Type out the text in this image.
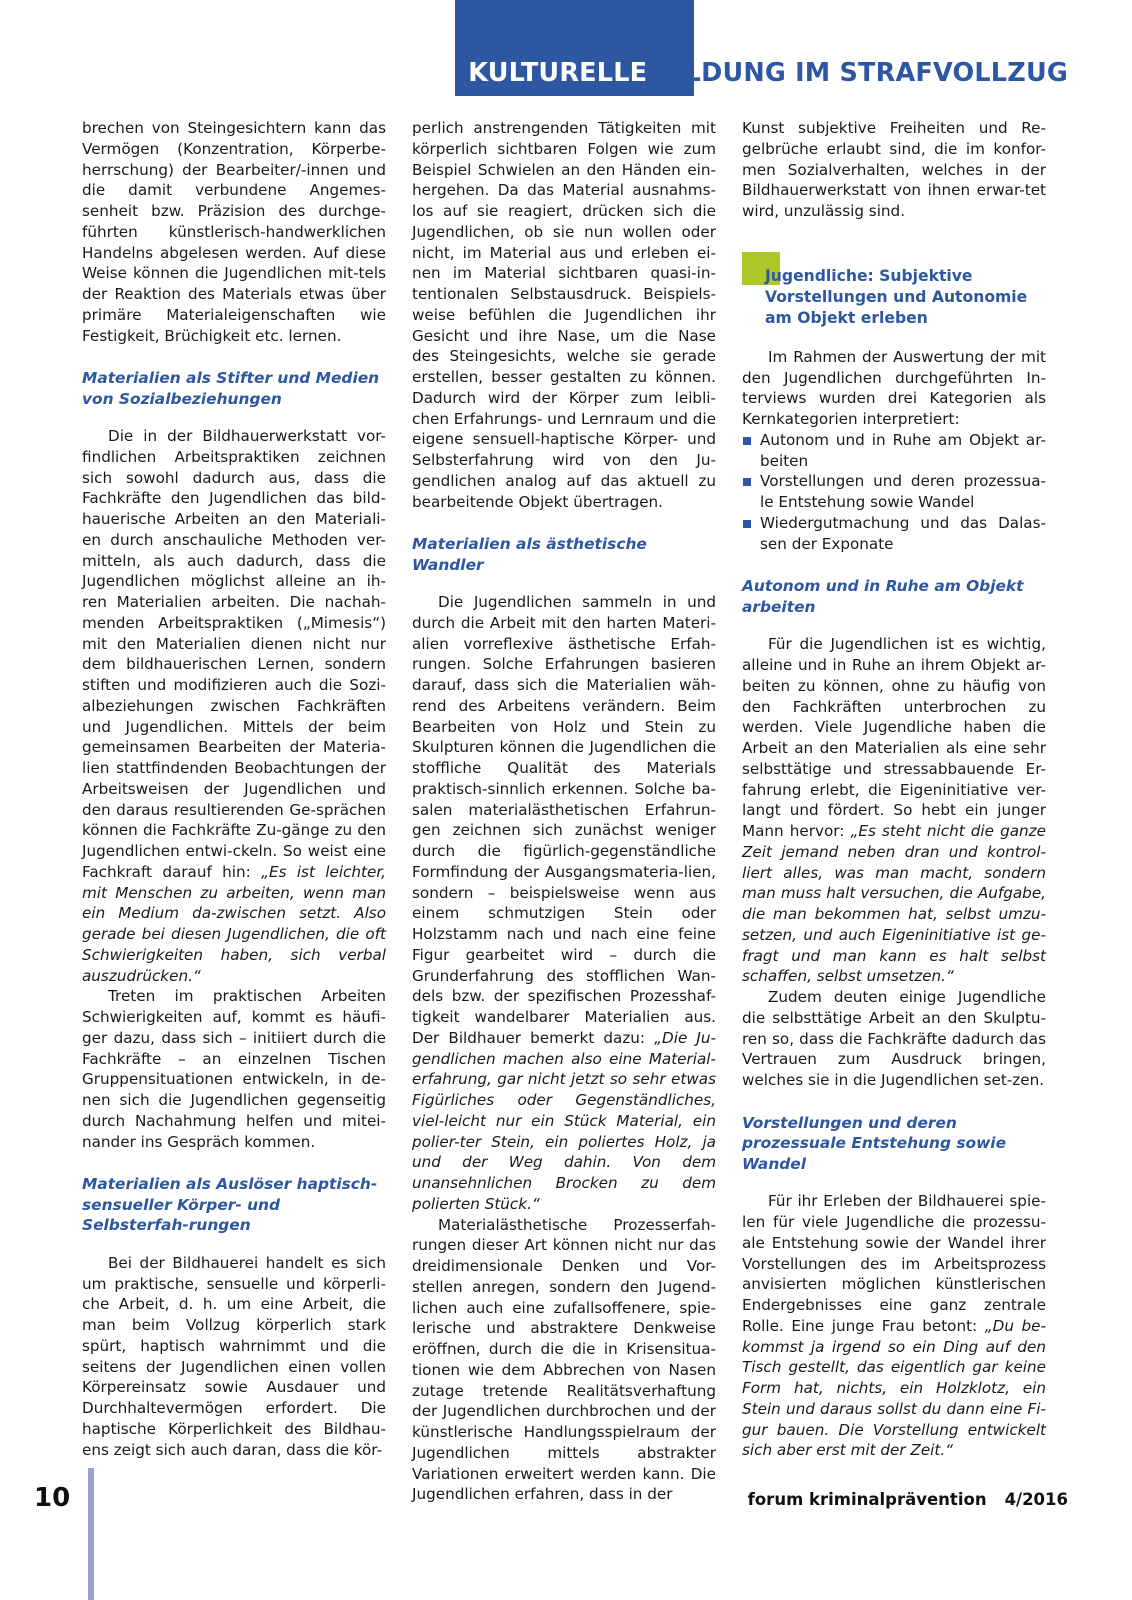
KULTURELLE BILDUNG IM STRAFVOLLZUG

brechen von Steingesichtern kann das Vermögen (Konzentration, Körperbe-herrschung) der Bearbeiter/-innen und die damit verbundene Angemes-senheit bzw. Präzision des durchge-führten künstlerisch-handwerklichen Handelns abgelesen werden. Auf diese Weise können die Jugendlichen mit-tels der Reaktion des Materials etwas über primäre Materialeigenschaften wie Festigkeit, Brüchigkeit etc. lernen.

Materialien als Stifter und Medien von Sozialbeziehungen

Die in der Bildhauerwerkstatt vor-findlichen Arbeitspraktiken zeichnen sich sowohl dadurch aus, dass die Fachkräfte den Jugendlichen das bild-hauerische Arbeiten an den Materiali-en durch anschauliche Methoden ver-mitteln, als auch dadurch, dass die Jugendlichen möglichst alleine an ih-ren Materialien arbeiten. Die nachah-menden Arbeitspraktiken („Mimesis“) mit den Materialien dienen nicht nur dem bildhauerischen Lernen, sondern stiften und modifizieren auch die Sozi-albeziehungen zwischen Fachkräften und Jugendlichen. Mittels der beim gemeinsamen Bearbeiten der Materia-lien stattfindenden Beobachtungen der Arbeitsweisen der Jugendlichen und den daraus resultierenden Ge-sprächen können die Fachkräfte Zu-gänge zu den Jugendlichen entwi-ckeln. So weist eine Fachkraft darauf hin: „Es ist leichter, mit Menschen zu arbeiten, wenn man ein Medium da-zwischen setzt. Also gerade bei diesen Jugendlichen, die oft Schwierigkeiten haben, sich verbal auszudrücken.“

Treten im praktischen Arbeiten Schwierigkeiten auf, kommt es häufi-ger dazu, dass sich – initiiert durch die Fachkräfte – an einzelnen Tischen Gruppensituationen entwickeln, in de-nen sich die Jugendlichen gegenseitig durch Nachahmung helfen und mitei-nander ins Gespräch kommen.

Materialien als Auslöser haptisch-sensueller Körper- und Selbsterfah-rungen

Bei der Bildhauerei handelt es sich um praktische, sensuelle und körperli-che Arbeit, d. h. um eine Arbeit, die man beim Vollzug körperlich stark spürt, haptisch wahrnimmt und die seitens der Jugendlichen einen vollen Körpereinsatz sowie Ausdauer und Durchhaltevermögen erfordert. Die haptische Körperlichkeit des Bildhau-ens zeigt sich auch daran, dass die kör-

perlich anstrengenden Tätigkeiten mit körperlich sichtbaren Folgen wie zum Beispiel Schwielen an den Händen ein-hergehen. Da das Material ausnahms-los auf sie reagiert, drücken sich die Jugendlichen, ob sie nun wollen oder nicht, im Material aus und erleben ei-nen im Material sichtbaren quasi-in-tentionalen Selbstausdruck. Beispiels-weise befühlen die Jugendlichen ihr Gesicht und ihre Nase, um die Nase des Steingesichts, welche sie gerade erstellen, besser gestalten zu können. Dadurch wird der Körper zum leibli-chen Erfahrungs- und Lernraum und die eigene sensuell-haptische Körper- und Selbsterfahrung wird von den Ju-gendlichen analog auf das aktuell zu bearbeitende Objekt übertragen.

Materialien als ästhetische Wandler

Die Jugendlichen sammeln in und durch die Arbeit mit den harten Materi-alien vorreflexive ästhetische Erfah-rungen. Solche Erfahrungen basieren darauf, dass sich die Materialien wäh-rend des Arbeitens verändern. Beim Bearbeiten von Holz und Stein zu Skulpturen können die Jugendlichen die stoffliche Qualität des Materials praktisch-sinnlich erkennen. Solche ba-salen materialästhetischen Erfahrun-gen zeichnen sich zunächst weniger durch die figürlich-gegenständliche Formfindung der Ausgangsmateria-lien, sondern – beispielsweise wenn aus einem schmutzigen Stein oder Holzstamm nach und nach eine feine Figur gearbeitet wird – durch die Grunderfahrung des stofflichen Wan-dels bzw. der spezifischen Prozesshaf-tigkeit wandelbarer Materialien aus. Der Bildhauer bemerkt dazu: „Die Ju-gendlichen machen also eine Material-erfahrung, gar nicht jetzt so sehr etwas Figürliches oder Gegenständliches, viel-leicht nur ein Stück Material, ein polier-ter Stein, ein poliertes Holz, ja und der Weg dahin. Von dem unansehnlichen Brocken zu dem polierten Stück.“

Materialästhetische Prozesserfah-rungen dieser Art können nicht nur das dreidimensionale Denken und Vor-stellen anregen, sondern den Jugend-lichen auch eine zufallsoffenere, spie-lerische und abstraktere Denkweise eröffnen, durch die die in Krisensitua-tionen wie dem Abbrechen von Nasen zutage tretende Realitätsverhaftung der Jugendlichen durchbrochen und der künstlerische Handlungsspielraum der Jugendlichen mittels abstrakter Variationen erweitert werden kann. Die Jugendlichen erfahren, dass in der

Kunst subjektive Freiheiten und Re-gelbrüche erlaubt sind, die im konfor-men Sozialverhalten, welches in der Bildhauerwerkstatt von ihnen erwar-tet wird, unzulässig sind.

Jugendliche: Subjektive Vorstellungen und Autonomie am Objekt erleben

Im Rahmen der Auswertung der mit den Jugendlichen durchgeführten In-terviews wurden drei Kategorien als Kernkategorien interpretiert:

Autonom und in Ruhe am Objekt ar-beiten
Vorstellungen und deren prozessua-le Entstehung sowie Wandel
Wiedergutmachung und das Dalas-sen der Exponate
Autonom und in Ruhe am Objekt arbeiten

Für die Jugendlichen ist es wichtig, alleine und in Ruhe an ihrem Objekt ar-beiten zu können, ohne zu häufig von den Fachkräften unterbrochen zu werden. Viele Jugendliche haben die Arbeit an den Materialien als eine sehr selbsttätige und stressabbauende Er-fahrung erlebt, die Eigeninitiative ver-langt und fördert. So hebt ein junger Mann hervor: „Es steht nicht die ganze Zeit jemand neben dran und kontrol-liert alles, was man macht, sondern man muss halt versuchen, die Aufgabe, die man bekommen hat, selbst umzu-setzen, und auch Eigeninitiative ist ge-fragt und man kann es halt selbst schaffen, selbst umsetzen.“

Zudem deuten einige Jugendliche die selbsttätige Arbeit an den Skulptu-ren so, dass die Fachkräfte dadurch das Vertrauen zum Ausdruck bringen, welches sie in die Jugendlichen set-zen.

Vorstellungen und deren prozessuale Entstehung sowie Wandel

Für ihr Erleben der Bildhauerei spie-len für viele Jugendliche die prozessu-ale Entstehung sowie der Wandel ihrer Vorstellungen des im Arbeitsprozess anvisierten möglichen künstlerischen Endergebnisses eine ganz zentrale Rolle. Eine junge Frau betont: „Du be-kommst ja irgend so ein Ding auf den Tisch gestellt, das eigentlich gar keine Form hat, nichts, ein Holzklotz, ein Stein und daraus sollst du dann eine Fi-gur bauen. Die Vorstellung entwickelt sich aber erst mit der Zeit.“

10	forum kriminalprävention 4/2016
